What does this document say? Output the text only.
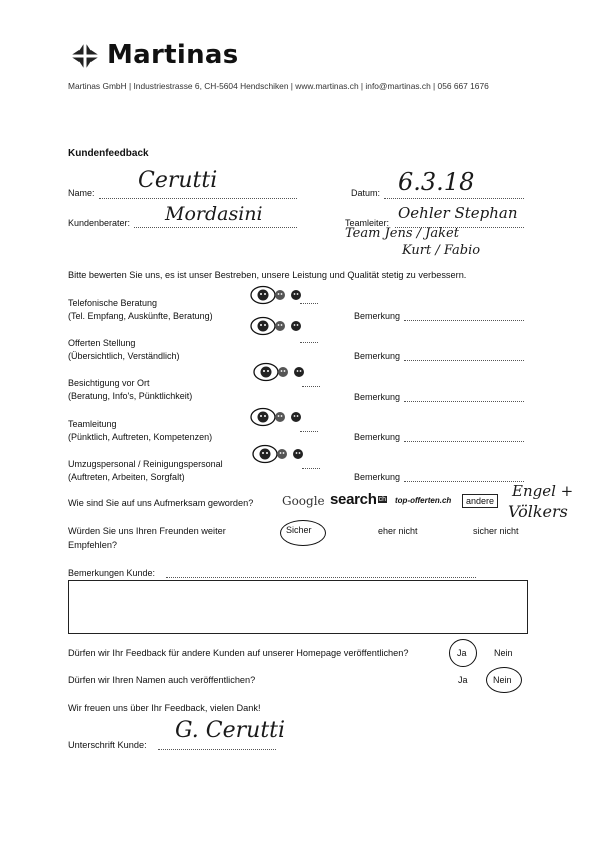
Martinas
Martinas GmbH | Industriestrasse 6, CH-5604 Hendschiken | www.martinas.ch | info@martinas.ch | 056 667 1676
Kundenfeedback
Name: Cerutti	Datum: 6.3.18
Kundenberater: Mordasini	Teamleiter:
Oehler Stephan
Team Jens / Jaket
Kurt / Fabio
Bitte bewerten Sie uns, es ist unser Bestreben, unsere Leistung und Qualität stetig zu verbessern.
Telefonische Beratung
(Tel. Empfang, Auskünfte, Beratung)	Bemerkung
Offerten Stellung
(Übersichtlich, Verständlich)	Bemerkung
Besichtigung vor Ort
(Beratung, Info's, Pünktlichkeit)	Bemerkung
Teamleitung
(Pünktlich, Auftreten, Kompetenzen)	Bemerkung
Umzugspersonal / Reinigungspersonal
(Auftreten, Arbeiten, Sorgfalt)	Bemerkung
Wie sind Sie auf uns Aufmerksam geworden? Google search ch top-offerten.ch	andere
Engel +
Völkers
Würden Sie uns Ihren Freunden weiter
Empfehlen?
Sicher	eher nicht	sicher nicht
Bemerkungen Kunde:
Dürfen wir Ihr Feedback für andere Kunden auf unserer Homepage veröffentlichen?	Ja	Nein
Dürfen wir Ihren Namen auch veröffentlichen?	Ja	Nein
Wir freuen uns über Ihr Feedback, vielen Dank!
Unterschrift Kunde:
G. Cerutti
